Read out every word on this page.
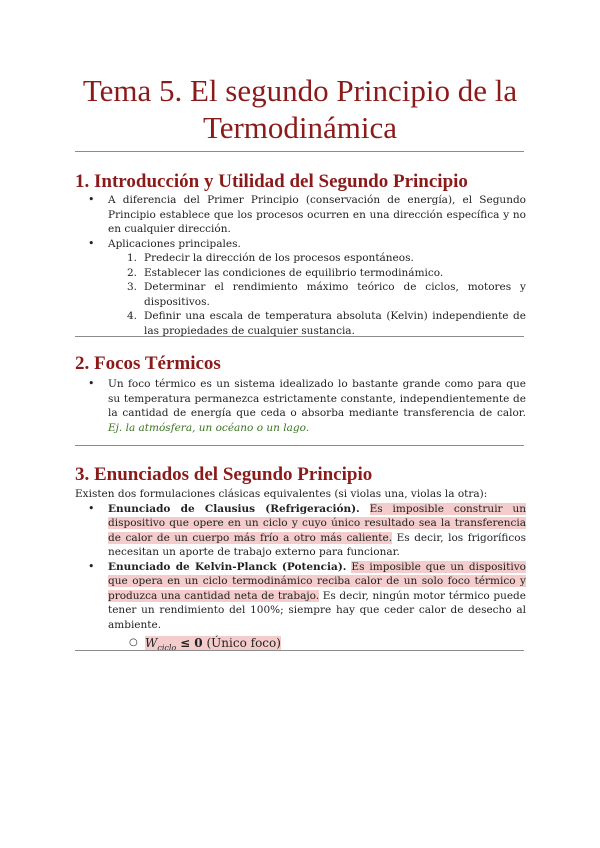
Tema 5. El segundo Principio de la
Termodinámica
1. Introducción y Utilidad del Segundo Principio
• A diferencia del Primer Principio (conservación de energía), el Segundo Principio establece que los procesos ocurren en una dirección específica y no en cualquier dirección.
• Aplicaciones principales.
1. Predecir la dirección de los procesos espontáneos.
2. Establecer las condiciones de equilibrio termodinámico.
3. Determinar el rendimiento máximo teórico de ciclos, motores y dispositivos.
4. Definir una escala de temperatura absoluta (Kelvin) independiente de las propiedades de cualquier sustancia.
2. Focos Térmicos
• Un foco térmico es un sistema idealizado lo bastante grande como para que su temperatura permanezca estrictamente constante, independientemente de la cantidad de energía que ceda o absorba mediante transferencia de calor. Ej. la atmósfera, un océano o un lago.
3. Enunciados del Segundo Principio
Existen dos formulaciones clásicas equivalentes (si violas una, violas la otra):
• Enunciado de Clausius (Refrigeración). Es imposible construir un dispositivo que opere en un ciclo y cuyo único resultado sea la transferencia de calor de un cuerpo más frío a otro más caliente. Es decir, los frigoríficos necesitan un aporte de trabajo externo para funcionar.
• Enunciado de Kelvin-Planck (Potencia). Es imposible que un dispositivo que opera en un ciclo termodinámico reciba calor de un solo foco térmico y produzca una cantidad neta de trabajo. Es decir, ningún motor térmico puede tener un rendimiento del 100%; siempre hay que ceder calor de desecho al ambiente.
○ $W_{ciclo} \le 0$ (Único foco)
